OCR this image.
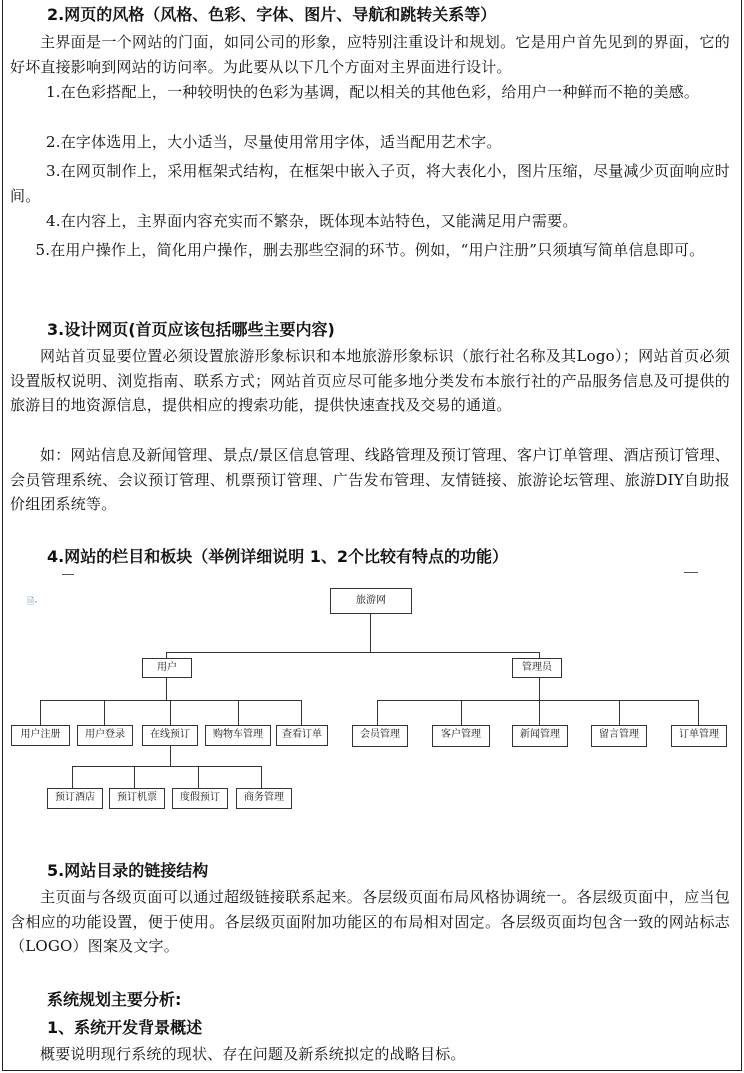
2.网页的风格（风格、色彩、字体、图片、导航和跳转关系等）
主界面是一个网站的门面，如同公司的形象，应特别注重设计和规划。它是用户首先见到的界面，它的好坏直接影响到网站的访问率。为此要从以下几个方面对主界面进行设计。
1.在色彩搭配上，一种较明快的色彩为基调，配以相关的其他色彩，给用户一种鲜而不艳的美感。
2.在字体选用上，大小适当，尽量使用常用字体，适当配用艺术字。
3.在网页制作上，采用框架式结构，在框架中嵌入子页，将大表化小，图片压缩，尽量减少页面响应时间。
4.在内容上，主界面内容充实而不繁杂，既体现本站特色，又能满足用户需要。
5.在用户操作上，简化用户操作，删去那些空洞的环节。例如，“用户注册”只须填写简单信息即可。
3.设计网页(首页应该包括哪些主要内容)
网站首页显要位置必须设置旅游形象标识和本地旅游形象标识（旅行社名称及其Logo）；网站首页必须设置版权说明、浏览指南、联系方式；网站首页应尽可能多地分类发布本旅行社的产品服务信息及可提供的旅游目的地资源信息，提供相应的搜索功能，提供快速查找及交易的通道。
如：网站信息及新闻管理、景点/景区信息管理、线路管理及预订管理、客户订单管理、酒店预订管理、会员管理系统、会议预订管理、机票预订管理、广告发布管理、友情链接、旅游论坛管理、旅游DIY自助报价组团系统等。
4.网站的栏目和板块（举例详细说明 1、2个比较有特点的功能）
🗎-	旅游网
用户	管理员
用户注册	用户登录	在线预订	购物车管理	查看订单	会员管理	客户管理	新闻管理	留言管理	订单管理
预订酒店	预订机票	度假预订	商务管理
5.网站目录的链接结构
主页面与各级页面可以通过超级链接联系起来。各层级页面布局风格协调统一。各层级页面中，应当包含相应的功能设置，便于使用。各层级页面附加功能区的布局相对固定。各层级页面均包含一致的网站标志（LOGO）图案及文字。
系统规划主要分析:
1、系统开发背景概述
概要说明现行系统的现状、存在问题及新系统拟定的战略目标。
